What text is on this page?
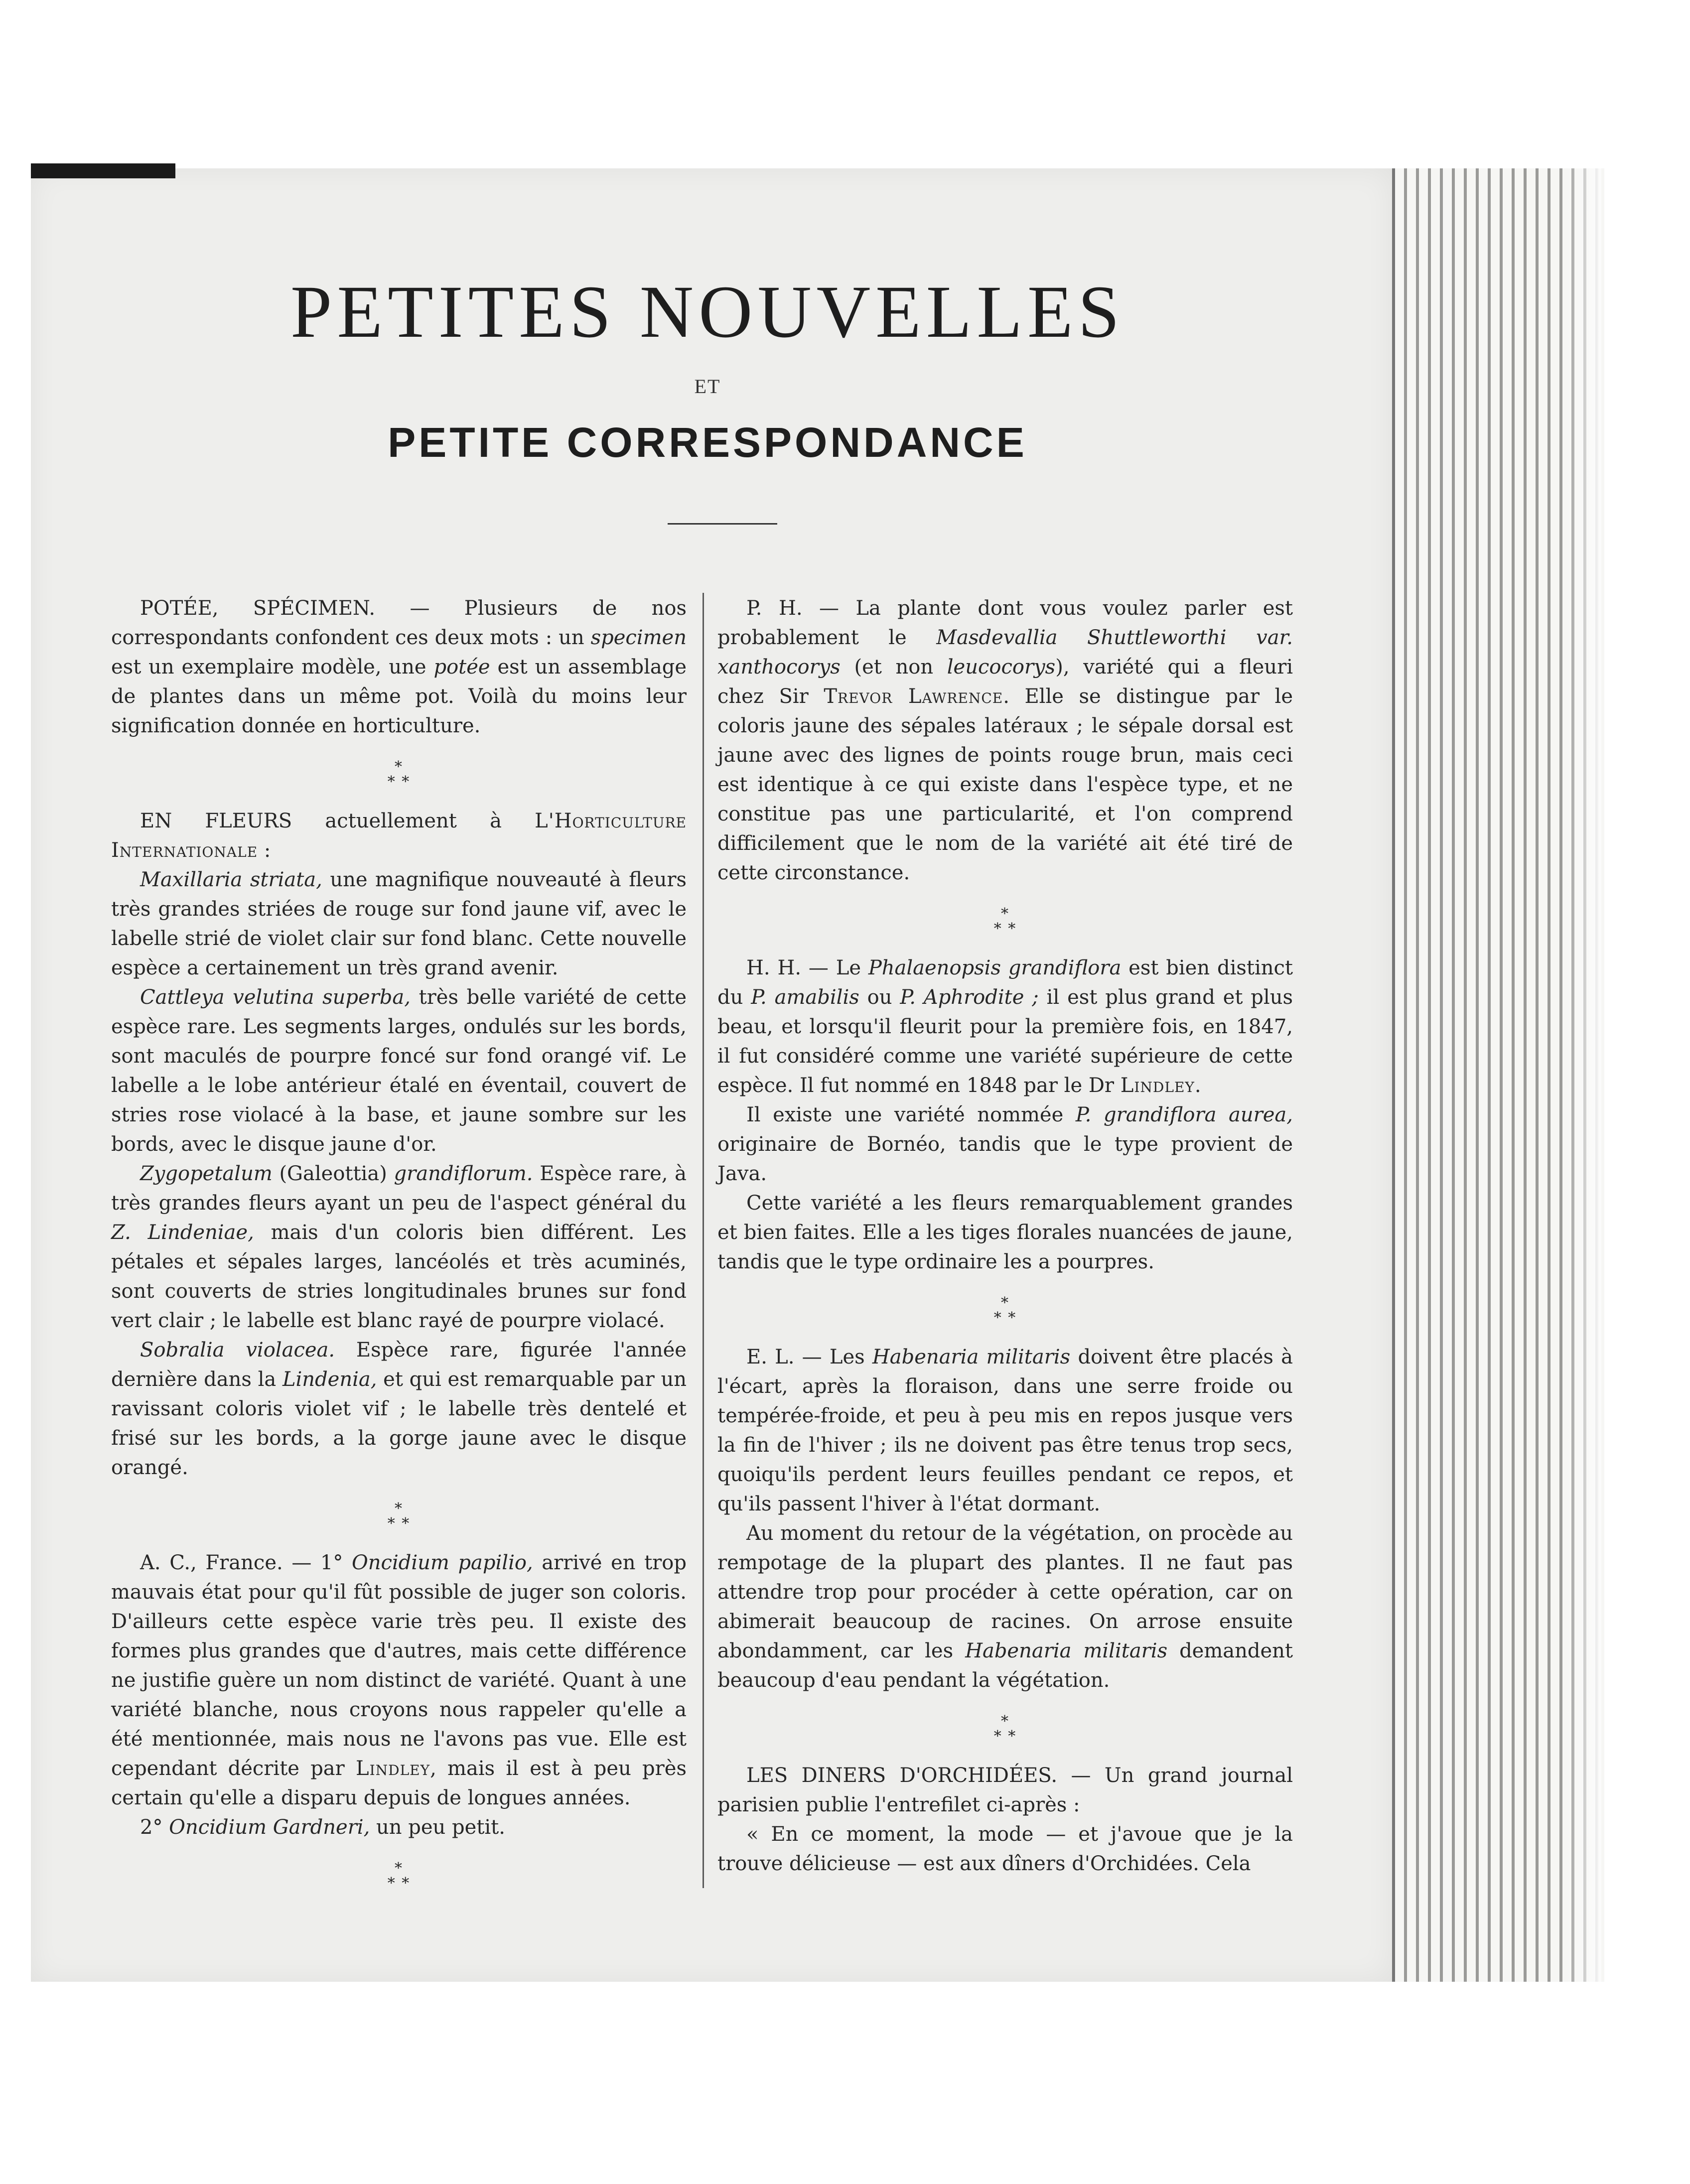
PETITES NOUVELLES
ET
PETITE CORRESPONDANCE

POTÉE, SPÉCIMEN. — Plusieurs de nos correspondants confondent ces deux mots : un specimen est un exemplaire modèle, une potée est un assemblage de plantes dans un même pot. Voilà du moins leur signification donnée en horticulture.

*
* *

EN FLEURS actuellement à L'Horticulture Internationale :

Maxillaria striata, une magnifique nouveauté à fleurs très grandes striées de rouge sur fond jaune vif, avec le labelle strié de violet clair sur fond blanc. Cette nouvelle espèce a certainement un très grand avenir.

Cattleya velutina superba, très belle variété de cette espèce rare. Les segments larges, ondulés sur les bords, sont maculés de pourpre foncé sur fond orangé vif. Le labelle a le lobe antérieur étalé en éventail, couvert de stries rose violacé à la base, et jaune sombre sur les bords, avec le disque jaune d'or.

Zygopetalum (Galeottia) grandiflorum. Espèce rare, à très grandes fleurs ayant un peu de l'aspect général du Z. Lindeniae, mais d'un coloris bien différent. Les pétales et sépales larges, lancéolés et très acuminés, sont couverts de stries longitudinales brunes sur fond vert clair ; le labelle est blanc rayé de pourpre violacé.

Sobralia violacea. Espèce rare, figurée l'année dernière dans la Lindenia, et qui est remarquable par un ravissant coloris violet vif ; le labelle très dentelé et frisé sur les bords, a la gorge jaune avec le disque orangé.

*
* *

A. C., France. — 1° Oncidium papilio, arrivé en trop mauvais état pour qu'il fût possible de juger son coloris. D'ailleurs cette espèce varie très peu. Il existe des formes plus grandes que d'autres, mais cette différence ne justifie guère un nom distinct de variété. Quant à une variété blanche, nous croyons nous rappeler qu'elle a été mentionnée, mais nous ne l'avons pas vue. Elle est cependant décrite par Lindley, mais il est à peu près certain qu'elle a disparu depuis de longues années.

2° Oncidium Gardneri, un peu petit.

*
* *

P. H. — La plante dont vous voulez parler est probablement le Masdevallia Shuttleworthi var. xanthocorys (et non leucocorys), variété qui a fleuri chez Sir Trevor Lawrence. Elle se distingue par le coloris jaune des sépales latéraux ; le sépale dorsal est jaune avec des lignes de points rouge brun, mais ceci est identique à ce qui existe dans l'espèce type, et ne constitue pas une particularité, et l'on comprend difficilement que le nom de la variété ait été tiré de cette circonstance.

*
* *

H. H. — Le Phalaenopsis grandiflora est bien distinct du P. amabilis ou P. Aphrodite ; il est plus grand et plus beau, et lorsqu'il fleurit pour la première fois, en 1847, il fut considéré comme une variété supérieure de cette espèce. Il fut nommé en 1848 par le Dr Lindley.

Il existe une variété nommée P. grandiflora aurea, originaire de Bornéo, tandis que le type provient de Java.

Cette variété a les fleurs remarquablement grandes et bien faites. Elle a les tiges florales nuancées de jaune, tandis que le type ordinaire les a pourpres.

*
* *

E. L. — Les Habenaria militaris doivent être placés à l'écart, après la floraison, dans une serre froide ou tempérée-froide, et peu à peu mis en repos jusque vers la fin de l'hiver ; ils ne doivent pas être tenus trop secs, quoiqu'ils perdent leurs feuilles pendant ce repos, et qu'ils passent l'hiver à l'état dormant.

Au moment du retour de la végétation, on procède au rempotage de la plupart des plantes. Il ne faut pas attendre trop pour procéder à cette opération, car on abimerait beaucoup de racines. On arrose ensuite abondamment, car les Habenaria militaris demandent beaucoup d'eau pendant la végétation.

*
* *

LES DINERS D'ORCHIDÉES. — Un grand journal parisien publie l'entrefilet ci-après :

« En ce moment, la mode — et j'avoue que je la trouve délicieuse — est aux dîners d'Orchidées. Cela
